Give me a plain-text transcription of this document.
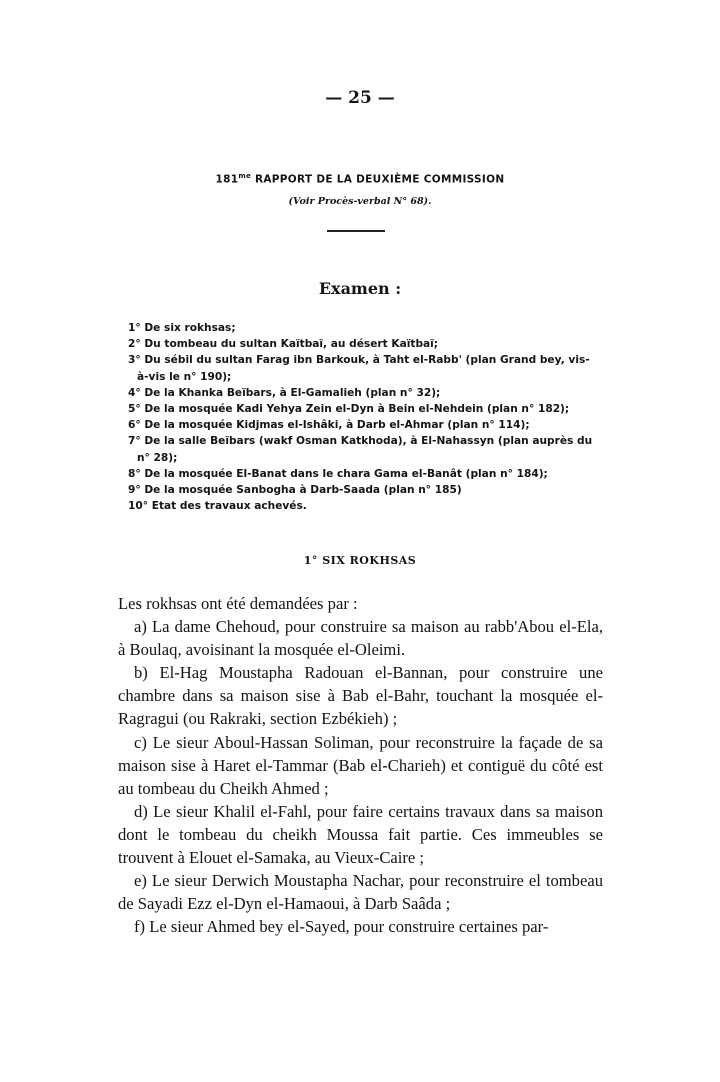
— 25 —
$181^{me}$ RAPPORT DE LA DEUXIÈME COMMISSION
(Voir Procès-verbal N° 68).
Examen :
1° De six rokhsas;
2° Du tombeau du sultan Kaïtbaï, au désert Kaïtbaï;
3° Du sébil du sultan Farag ibn Barkouk, à Taht el-Rabb' (plan Grand bey, vis-à-vis le n° 190);
4° De la Khanka Beïbars, à El-Gamalieh (plan n° 32);
5° De la mosquée Kadi Yehya Zein el-Dyn à Bein el-Nehdein (plan n° 182);
6° De la mosquée Kidjmas el-Ishâki, à Darb el-Ahmar (plan n° 114);
7° De la salle Beïbars (wakf Osman Katkhoda), à El-Nahassyn (plan auprès du n° 28);
8° De la mosquée El-Banat dans le chara Gama el-Banât (plan n° 184);
9° De la mosquée Sanbogha à Darb-Saada (plan n° 185)
10° Etat des travaux achevés.
1° SIX ROKHSAS

Les rokhsas ont été demandées par :

a) La dame Chehoud, pour construire sa maison au rabb'Abou el-Ela, à Boulaq, avoisinant la mosquée el-Oleimi.

b) El-Hag Moustapha Radouan el-Bannan, pour construire une chambre dans sa maison sise à Bab el-Bahr, touchant la mosquée el-Ragragui (ou Rakraki, section Ezbékieh) ;

c) Le sieur Aboul-Hassan Soliman, pour reconstruire la façade de sa maison sise à Haret el-Tammar (Bab el-Charieh) et contiguë du côté est au tombeau du Cheikh Ahmed ;

d) Le sieur Khalil el-Fahl, pour faire certains travaux dans sa maison dont le tombeau du cheikh Moussa fait partie. Ces immeubles se trouvent à Elouet el-Samaka, au Vieux-Caire ;

e) Le sieur Derwich Moustapha Nachar, pour reconstruire el tombeau de Sayadi Ezz el-Dyn el-Hamaoui, à Darb Saâda ;

f) Le sieur Ahmed bey el-Sayed, pour construire certaines par-
